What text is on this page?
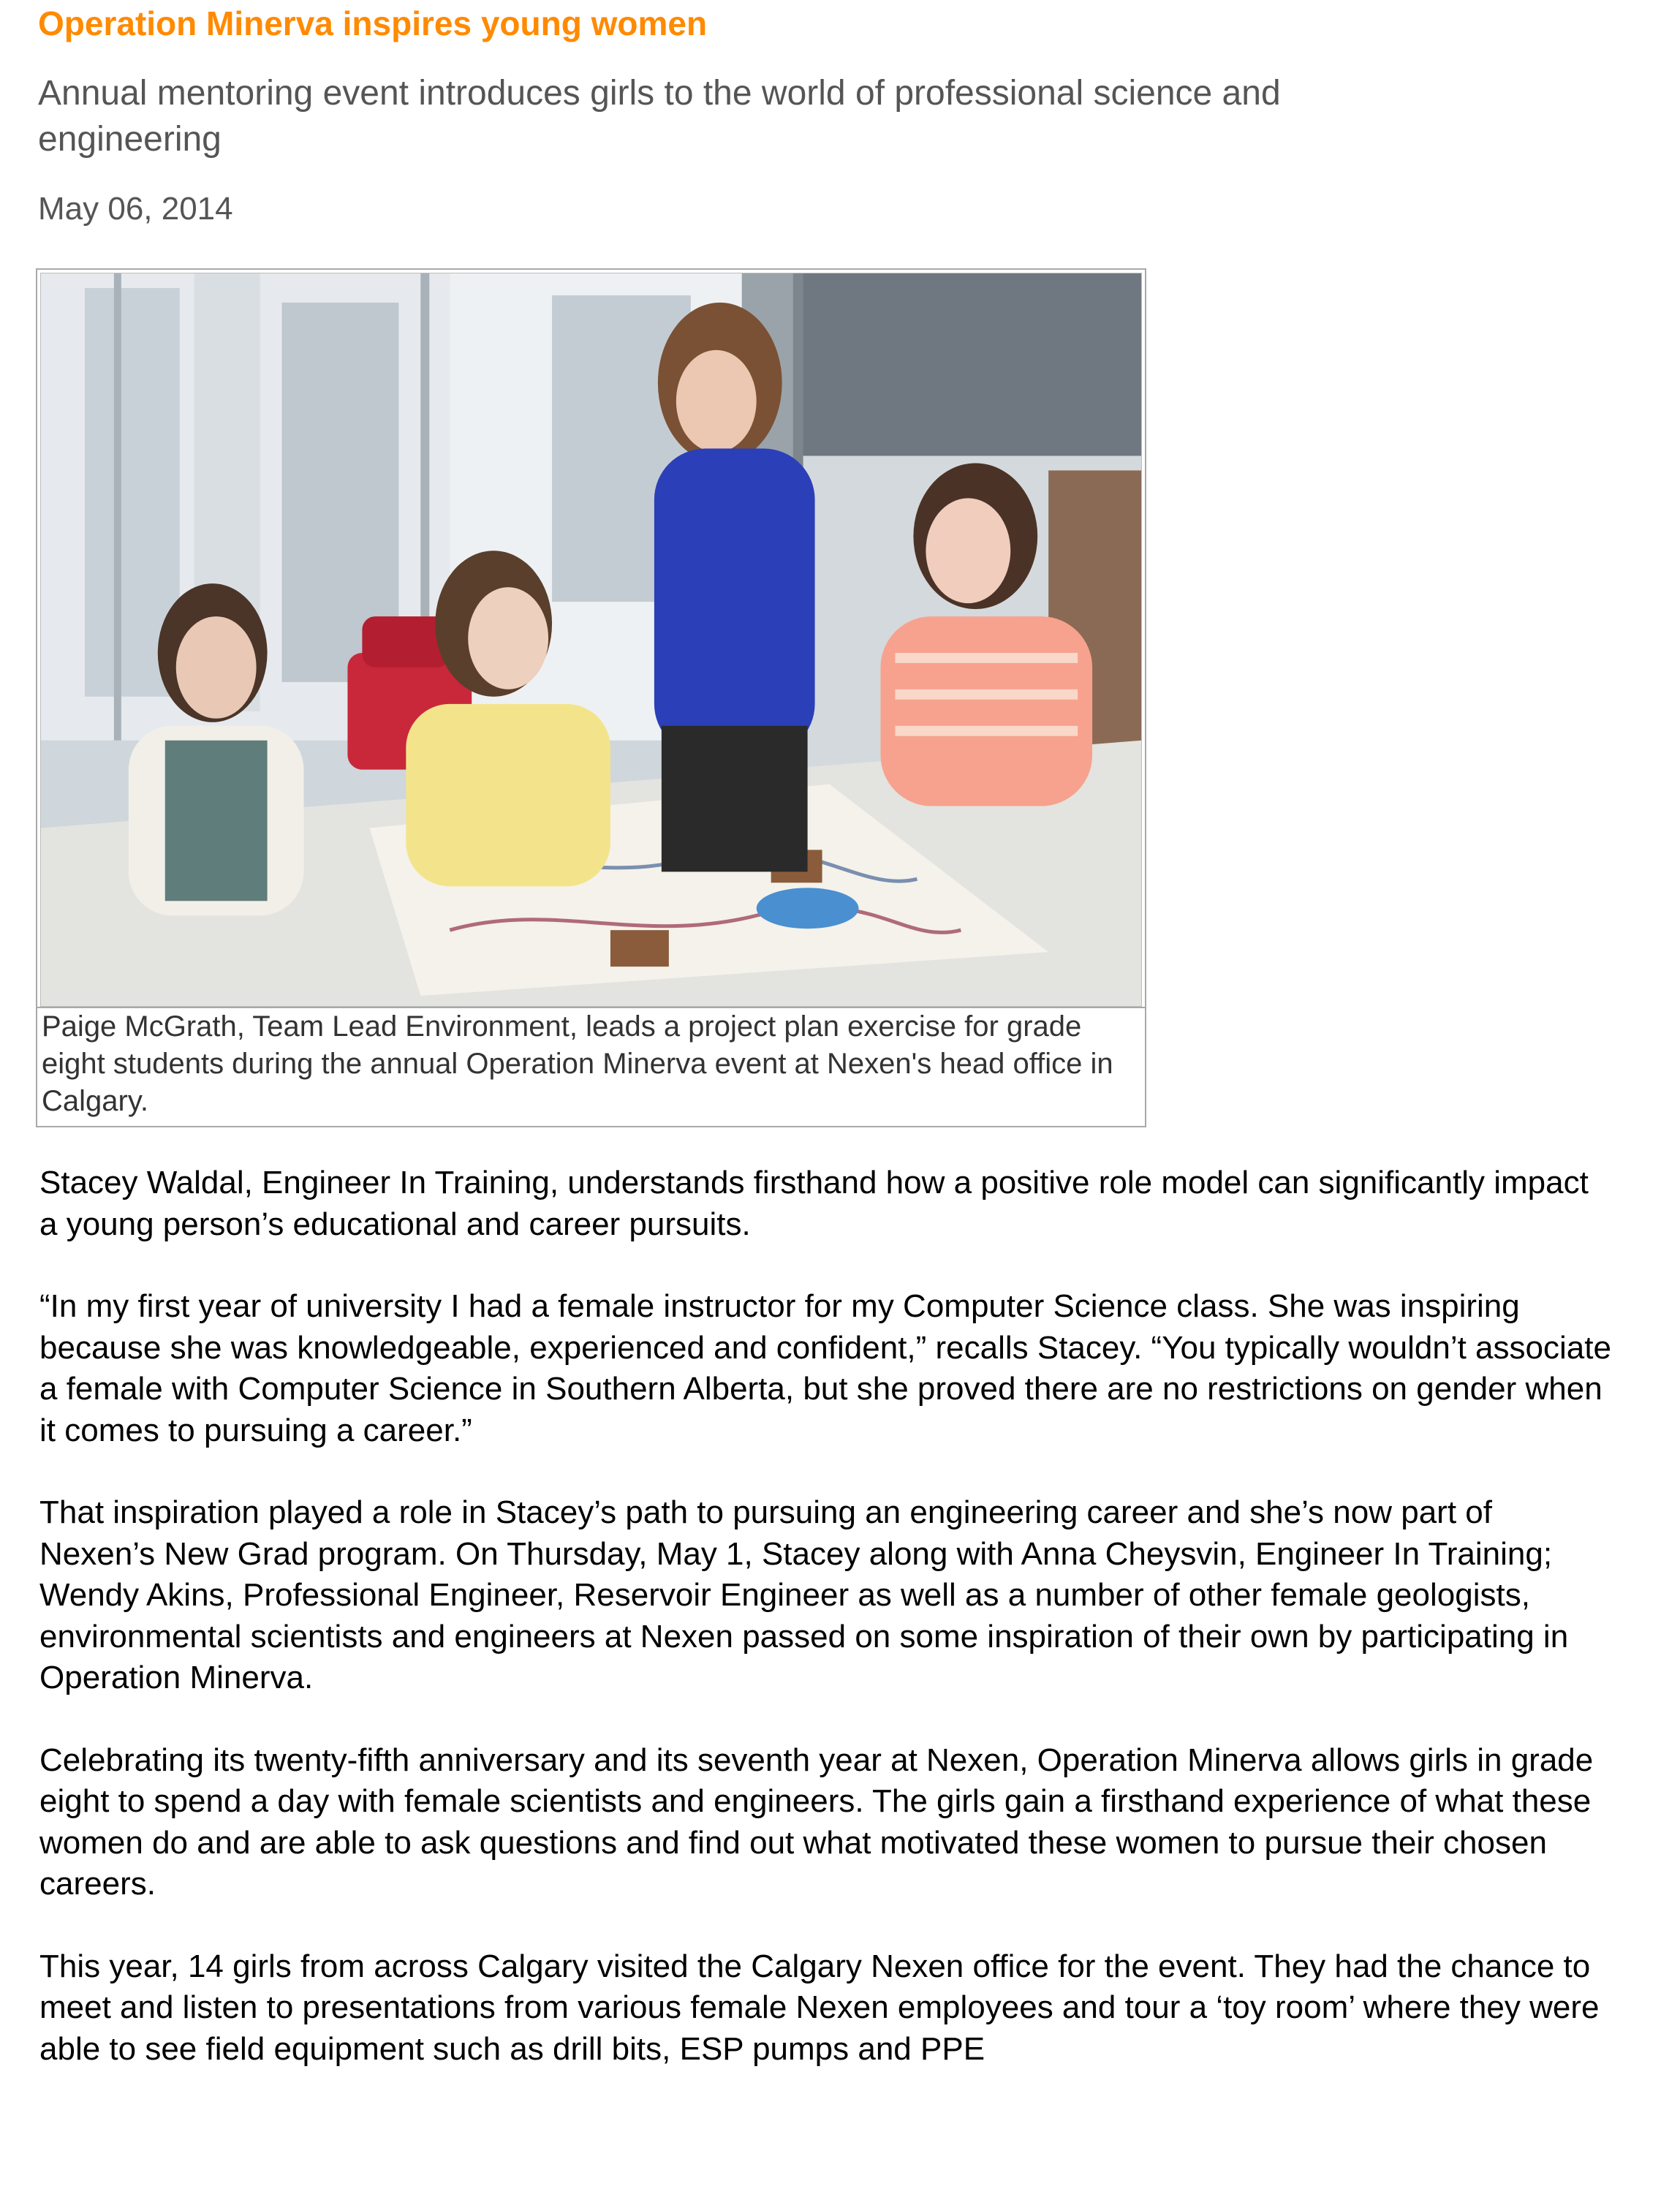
Operation Minerva inspires young women
Annual mentoring event introduces girls to the world of professional science and engineering
May 06, 2014
Paige McGrath, Team Lead Environment, leads a project plan exercise for grade eight students during the annual Operation Minerva event at Nexen's head office in Calgary.

Stacey Waldal, Engineer In Training, understands firsthand how a positive role model can significantly impact a young person’s educational and career pursuits.

“In my first year of university I had a female instructor for my Computer Science class. She was inspiring because she was knowledgeable, experienced and confident,” recalls Stacey. “You typically wouldn’t associate a female with Computer Science in Southern Alberta, but she proved there are no restrictions on gender when it comes to pursuing a career.”

That inspiration played a role in Stacey’s path to pursuing an engineering career and she’s now part of Nexen’s New Grad program. On Thursday, May 1, Stacey along with Anna Cheysvin, Engineer In Training; Wendy Akins, Professional Engineer, Reservoir Engineer as well as a number of other female geologists, environmental scientists and engineers at Nexen passed on some inspiration of their own by participating in Operation Minerva.

Celebrating its twenty-fifth anniversary and its seventh year at Nexen, Operation Minerva allows girls in grade eight to spend a day with female scientists and engineers. The girls gain a firsthand experience of what these women do and are able to ask questions and find out what motivated these women to pursue their chosen careers.

This year, 14 girls from across Calgary visited the Calgary Nexen office for the event. They had the chance to meet and listen to presentations from various female Nexen employees and tour a ‘toy room’ where they were able to see field equipment such as drill bits, ESP pumps and PPE
